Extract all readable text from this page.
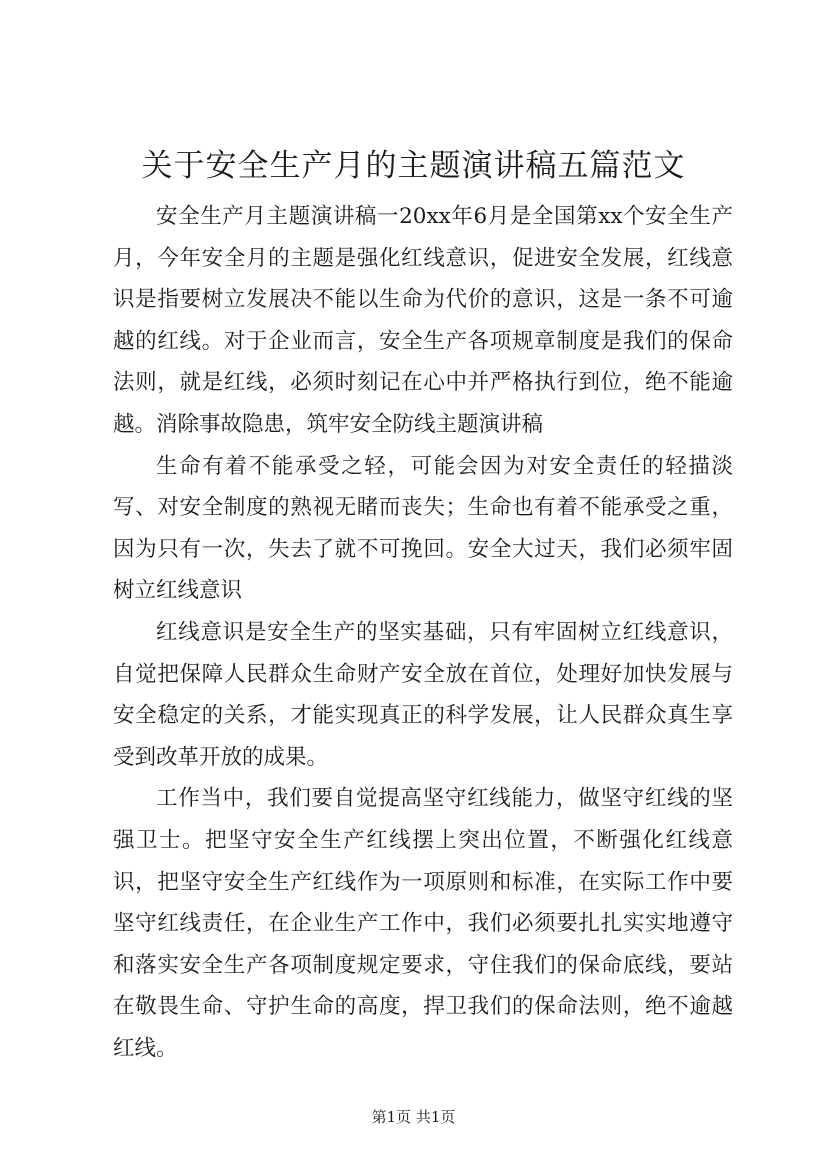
关于安全生产月的主题演讲稿五篇范文

安全生产月主题演讲稿一20xx年6月是全国第xx个安全生产月，今年安全月的主题是强化红线意识，促进安全发展，红线意识是指要树立发展决不能以生命为代价的意识，这是一条不可逾越的红线。对于企业而言，安全生产各项规章制度是我们的保命法则，就是红线，必须时刻记在心中并严格执行到位，绝不能逾越。消除事故隐患，筑牢安全防线主题演讲稿

生命有着不能承受之轻，可能会因为对安全责任的轻描淡写、对安全制度的熟视无睹而丧失；生命也有着不能承受之重，因为只有一次，失去了就不可挽回。安全大过天，我们必须牢固树立红线意识

红线意识是安全生产的坚实基础，只有牢固树立红线意识，自觉把保障人民群众生命财产安全放在首位，处理好加快发展与安全稳定的关系，才能实现真正的科学发展，让人民群众真生享受到改革开放的成果。

工作当中，我们要自觉提高坚守红线能力，做坚守红线的坚强卫士。把坚守安全生产红线摆上突出位置，不断强化红线意识，把坚守安全生产红线作为一项原则和标准，在实际工作中要坚守红线责任，在企业生产工作中，我们必须要扎扎实实地遵守和落实安全生产各项制度规定要求，守住我们的保命底线，要站在敬畏生命、守护生命的高度，捍卫我们的保命法则，绝不逾越红线。

第1页 共1页
